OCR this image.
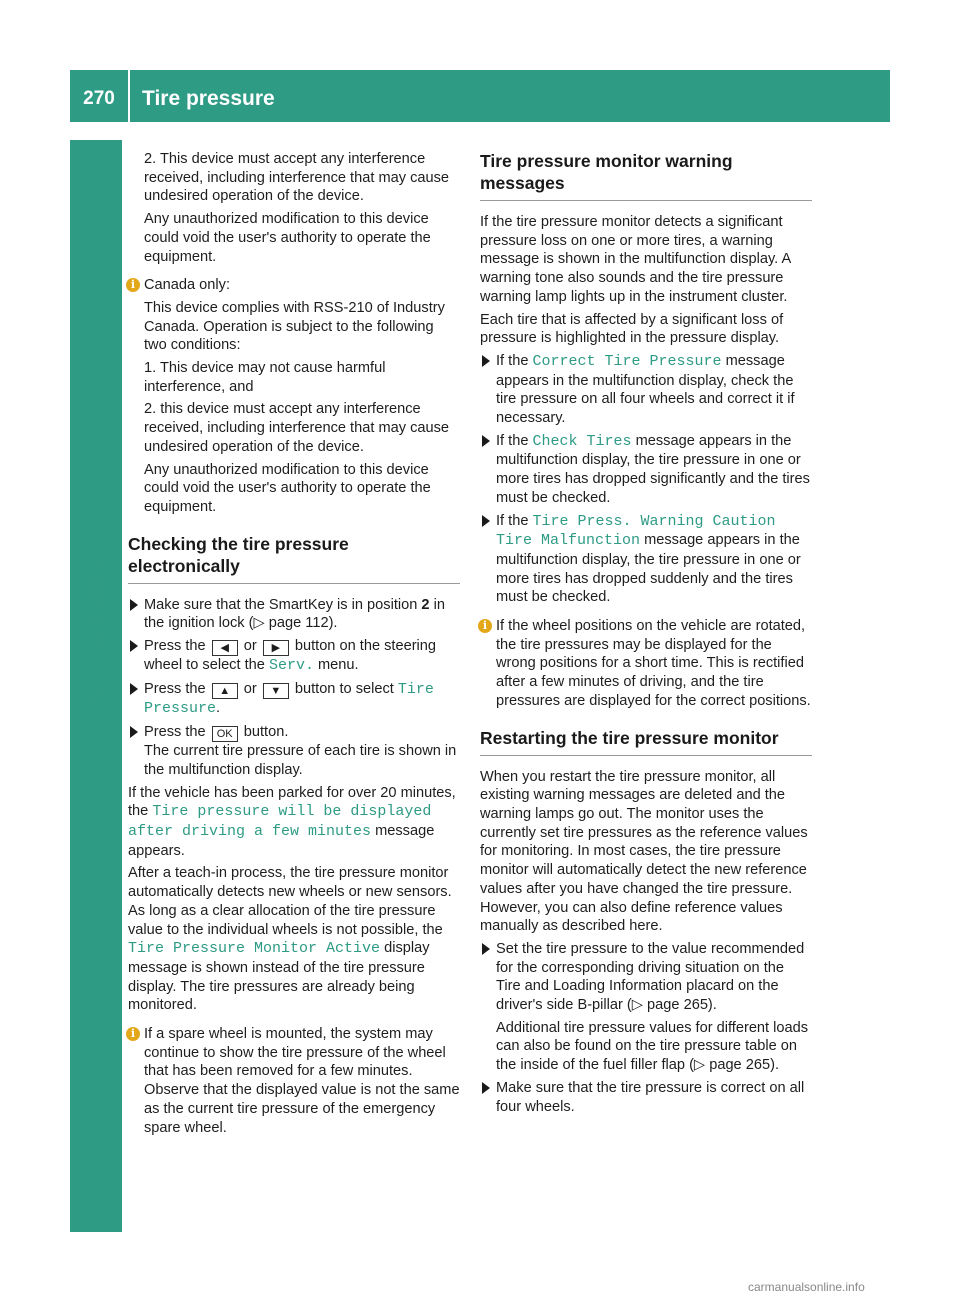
270	Tire pressure
Wheels and tires

2. This device must accept any interference received, including interference that may cause undesired operation of the device.

Any unauthorized modification to this device could void the user's authority to operate the equipment.

i Canada only:

This device complies with RSS-210 of Industry Canada. Operation is subject to the following two conditions:

1. This device may not cause harmful interference, and

2. this device must accept any interference received, including interference that may cause undesired operation of the device.

Any unauthorized modification to this device could void the user's authority to operate the equipment.

Checking the tire pressure electronically
Make sure that the SmartKey is in position 2 in the ignition lock (▷ page 112).
Press the ◀ or ▶ button on the steering wheel to select the Serv. menu.
Press the ▲ or ▼ button to select Tire Pressure.
Press the OK button.
The current tire pressure of each tire is shown in the multifunction display.

If the vehicle has been parked for over 20 minutes, the Tire pressure will be displayed after driving a few minutes message appears.

After a teach-in process, the tire pressure monitor automatically detects new wheels or new sensors. As long as a clear allocation of the tire pressure value to the individual wheels is not possible, the Tire Pressure Monitor Active display message is shown instead of the tire pressure display. The tire pressures are already being monitored.

i If a spare wheel is mounted, the system may continue to show the tire pressure of the wheel that has been removed for a few minutes. Observe that the displayed value is not the same as the current tire pressure of the emergency spare wheel.

Tire pressure monitor warning messages

If the tire pressure monitor detects a significant pressure loss on one or more tires, a warning message is shown in the multifunction display. A warning tone also sounds and the tire pressure warning lamp lights up in the instrument cluster.

Each tire that is affected by a significant loss of pressure is highlighted in the pressure display.

If the Correct Tire Pressure message appears in the multifunction display, check the tire pressure on all four wheels and correct it if necessary.
If the Check Tires message appears in the multifunction display, the tire pressure in one or more tires has dropped significantly and the tires must be checked.
If the Tire Press. Warning Caution Tire Malfunction message appears in the multifunction display, the tire pressure in one or more tires has dropped suddenly and the tires must be checked.
i If the wheel positions on the vehicle are rotated, the tire pressures may be displayed for the wrong positions for a short time. This is rectified after a few minutes of driving, and the tire pressures are displayed for the correct positions.

Restarting the tire pressure monitor

When you restart the tire pressure monitor, all existing warning messages are deleted and the warning lamps go out. The monitor uses the currently set tire pressures as the reference values for monitoring. In most cases, the tire pressure monitor will automatically detect the new reference values after you have changed the tire pressure. However, you can also define reference values manually as described here.

Set the tire pressure to the value recommended for the corresponding driving situation on the Tire and Loading Information placard on the driver's side B-pillar (▷ page 265).

Additional tire pressure values for different loads can also be found on the tire pressure table on the inside of the fuel filler flap (▷ page 265).

Make sure that the tire pressure is correct on all four wheels.
carmanualsonline.info
